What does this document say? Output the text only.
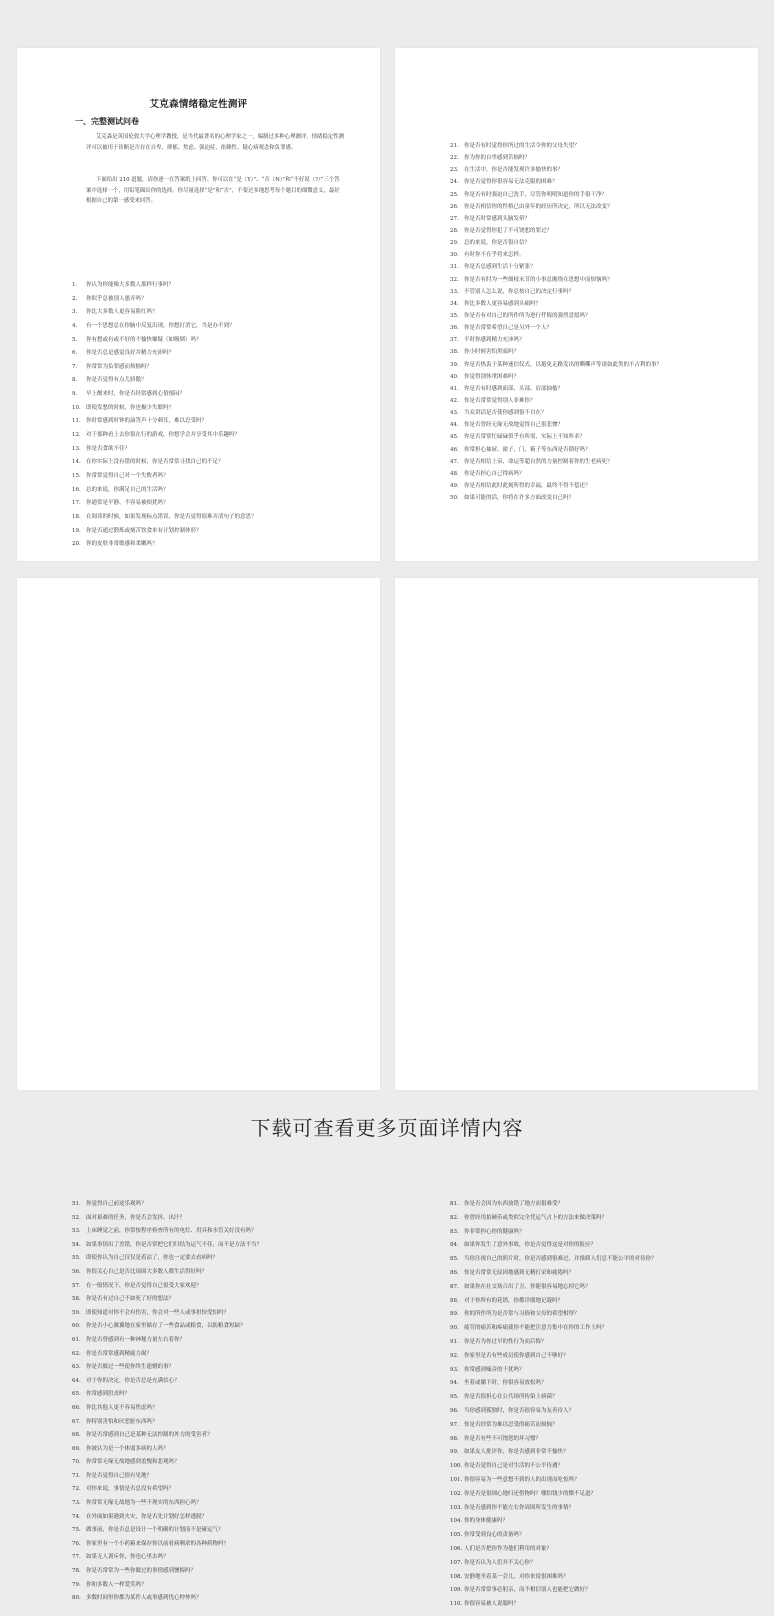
艾克森情绪稳定性测评
一、完整测试问卷

艾克森是英国伦敦大学心理学教授，是当代最著名的心理学家之一，编制过多种心理测评。情绪稳定性测评可以被用于诊断是否存在自卑、抑郁、焦虑、强迫症、依赖性、疑心病观念和负罪感。

下面给出 210 道题，请你逐一在答案纸上回答。你可以在“是（Y）”、“否（N）”和“不好说（?）”三个答案中选择一个，用铅笔圈出你的选择。你尽量选择“是”和“否”，不要过多地思考每个题目的细微意义，最好根据自己的第一感受来回答。

1.	你认为你能像大多数人那样行事吗？
2.	你似乎总被别人愚弄吗？
3.	你比大多数人更容易脸红吗？
4.	有一个思想总在你脑中反复出现，你想打消它，当是办不到？
5.	你有想或有或不好的不愉快嫌疑（如吸烟）吗？
6.	你是否总是感觉良好并精力充沛吗？
7.	你常常为负罪感而烦恼吗？
8.	你是否觉得有点儿骄傲？
9.	早上醒来时，你是否经常感到心情郁闷？
10. 即使发愁的时候，你也极少失眠吗？
11. 你时常感到时钟的滴答声十分刺耳，难以忍受吗？
12. 对于那种看上去你很在行的游戏，你想学会并享受其中乐趣吗？
13. 你是否食欲不佳？
14. 在你实际上没有错的时候，你是否常常寻找自己的不足？
15. 你常常觉得自己对一个失败者吗？
16. 总的来说，你满足自己的生活吗？
17. 你通常是平静、不容易被烦扰吗？
18. 在阅读的时候，如果发现标点错误，你是否觉得很难弄清句子的意思？
19. 你是否通过锻炼或刻苦饮食来有计划控制体形？
20. 你的皮肤非常敏感和柔嫩吗？
21. 你是否有时觉得你所过的生活令你的父母失望？
22. 你为你的自卑感到苦恼吗？
23. 在生活中，你是否能发现许多愉快的事？
24. 你是否觉得你很容易无法克服的困难？
25. 你是否有时强迫自己洗手，尽管你明明知道你的手很干净？
26. 你是否相信你的性格已由童年的经历所决定，所以无法改变？
27. 你是否时常感到头脑发晕？
28. 你是否觉得你犯了不可饶恕的罪过？
29. 总的来说，你是否很自信？
30. 有时你不在乎将来怎样。
31. 你是否总感到生活十分紧张？
32. 你是否有时为一些细枝末节的小事总缠绕在思想中而烦恼吗？
33. 不管别人怎么说，你总按自己的决定行事吗？
34. 你比多数人更容易感到头痛吗？
35. 你是否有对自己的所作所为进行忏悔的强烈意愿吗？
36. 你是否常常希望自己是另外一个人？
37. 平时你感到精力充沛吗？
38. 你小时候害怕黑暗吗？
39. 你是否热衷于某种迷信仪式，以避免走路发出的嘶嘶声等诸如此类的不吉利的事？
40. 你觉得别体重困难吗？
41. 你是否有时感到面部、头部、肩部抽搐？
42. 你是否常常觉得别人非难你？
43. 当众讲话是否使你感到很不自在？
44. 你是否曾经无缘无故地觉得自己很悲惨？
45. 你是否常常忙碌碌似乎有所需，实际上不知所求？
46. 你常担心抽屉、窗子、门、箱子等东西是否锁好吗？
47. 你是否相信上帝、命运等超自然的力量控制着你的生老病死？
48. 你是否担心自己得病吗？
49. 你是否相信此时此刻所得的幸福，最终不得不偿还？
50. 如果可能的话，你将在许多方面改变自己吗？
51. 你觉得自己前途乐观吗？
52. 面对艰难的任务，你是否会发抖、出汗？
53. 上床睡觉之前，你常按程序检查所有的电灯、用具和水管关好没有吗？
54. 如果事情出了差错，你是否常把它们归结为运气不佳，而不是方法不当？
55. 即使你认为自己仅仅是着凉了，你也一定要去看病吗？
56. 你很关心自己是否比周围大多数人都生活得好吗？
57. 在一般情况下，你是否觉得自己很受大家欢迎？
58. 你是否有过自己不如死了好的想法？
59. 即使知道对你不会有伤害，你会对一些人或事担惊受怕吗？
60. 你是否小心翼翼地在家里储存了一些食品或粮食，以防粮食短缺？
61. 你是否曾感到有一种神秘力量左右着你？
62. 你是否常常感到精疲力竭？
63. 你是否做过一些使你终生遗憾的事？
64. 对于你的决定，你是否总是充满信心？
65. 你常感到沮丧吗？
66. 你比其他人更不容易焦虑吗？
67. 你特别害怕和厌恶脏东西吗？
68. 你是否常感到自己是某种无法控制的外力的受害者？
69. 你被认为是一个体弱多病的人吗？
70. 你常常无缘无故地感到羞愧和悲观吗？
71. 你是否觉得自己很有见地？
72. 对你来说，事情是否总没有希望吗？
73. 你常常无缘无故地为一些不现实的东西担心吗？
74. 在外面如果遇到火灾，你是否先计划好怎样逃脱？
75. 做事前，你是否总是设计一个明确的计划而不是碰运气？
76. 你家里有一个小药箱来保存你以前看病剩余的各种药物吗？
77. 如果无人训斥你，你也心里去吗？
78. 你是否常常为一些你做过的事情感到懊悔吗？
79. 你和多数人一样爱笑吗？
80. 多数时间里你都为某件人或事感到忧心忡忡吗？
81. 你是否会因为东西放错了地方而很难受？
82. 你曾经用拍硬币或类似完全凭运气占卜的方法来做决策吗？
83. 你非常担心你的健康吗？
84. 如果你发生了意外事故，你是否觉得这是对你的报应？
85. 当你注视自己的照片时，你是否感到很难过，并推卸人们总不能公平的对待你？
86. 你是否常常无原因地感到无精打采和疲倦吗？
87. 如果你在社交场合出了丑，你能很容易地忘掉它吗？
88. 对于你所有的花销，你都详细地记载吗？
89. 你的所作所为是否常与习俗和父母的希望相悖？
90. 疲劳的痛苦和疼痛使你不能把注意力集中在你的工作上吗？
91. 你是否为你过早的性行为而后悔？
92. 你家里是否有些成员使你感到自己不够好？
93. 你常感到噪音的干扰吗？
94. 坐着或躺下时，你很容易放松吗？
95. 你是否很担心在公共场所传染上病菌？
96. 当你感到孤独时，你是否很容易为友善待人？
97. 你是否经常为难以忍受的痛苦而烦恼？
98. 你是否有些不可饶恕的坏习惯？
99. 如果友人批评你，你是否感到非常不愉快？
100. 你是否觉得自己是对生活的不公平待遇？
101. 你很容易为一些意想不到的人的出现而吃惊吗？
102. 你是否是很细心地归还借物吗？哪怕钱少的微不足道？
103. 你是否感到你不能左右你周围所发生的事情？
104. 你的身体健康吗？
105. 你常受到良心的责备吗？
106. 人们是否把你作为他们利用的对象？
107. 你是否认为人们并不关心你？
108. 安静地坐着某一会儿，对你来说很困难吗？
109. 你是否常常事必躬亲，而不相信别人也能把它做好？
110. 你很容易被人说服吗？
下载可查看更多页面详情内容
